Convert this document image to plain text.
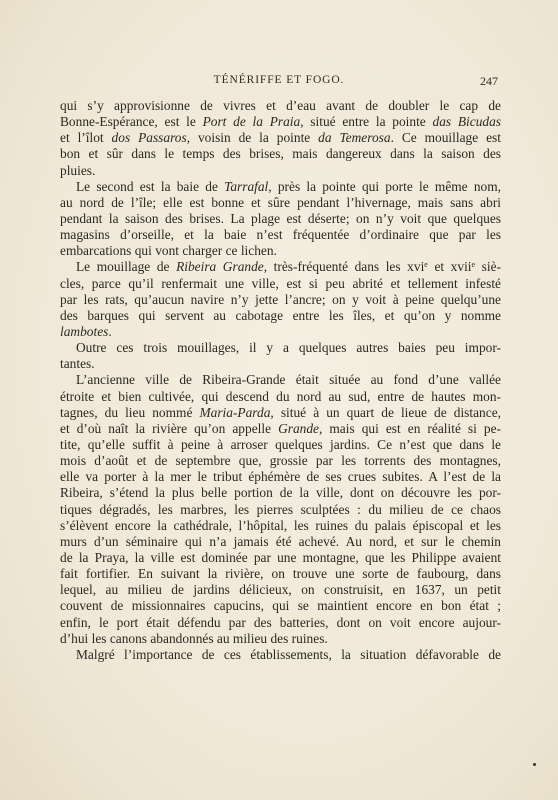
TÉNÉRIFFE ET FOGO.	247
qui s’y approvisionne de vivres et d’eau avant de doubler le cap de
Bonne-Espérance, est le Port de la Praia, situé entre la pointe das Bicudas
et l’îlot dos Passaros, voisin de la pointe da Temerosa. Ce mouillage est
bon et sûr dans le temps des brises, mais dangereux dans la saison des
pluies.
Le second est la baie de Tarrafal, près la pointe qui porte le même nom,
au nord de l’île; elle est bonne et sûre pendant l’hivernage, mais sans abri
pendant la saison des brises. La plage est déserte; on n’y voit que quelques
magasins d’orseille, et la baie n’est fréquentée d’ordinaire que par les
embarcations qui vont charger ce lichen.
Le mouillage de Ribeira Grande, très-fréquenté dans les xvi$^e$ et xvii$^e$ siè-
cles, parce qu’il renfermait une ville, est si peu abrité et tellement infesté
par les rats, qu’aucun navire n’y jette l’ancre; on y voit à peine quelqu’une
des barques qui servent au cabotage entre les îles, et qu’on y nomme
lambotes.
Outre ces trois mouillages, il y a quelques autres baies peu impor-
tantes.
L’ancienne ville de Ribeira-Grande était située au fond d’une vallée
étroite et bien cultivée, qui descend du nord au sud, entre de hautes mon-
tagnes, du lieu nommé Maria-Parda, situé à un quart de lieue de distance,
et d’où naît la rivière qu’on appelle Grande, mais qui est en réalité si pe-
tite, qu’elle suffit à peine à arroser quelques jardins. Ce n’est que dans le
mois d’août et de septembre que, grossie par les torrents des montagnes,
elle va porter à la mer le tribut éphémère de ses crues subites. A l’est de la
Ribeira, s’étend la plus belle portion de la ville, dont on découvre les por-
tiques dégradés, les marbres, les pierres sculptées : du milieu de ce chaos
s’élèvent encore la cathédrale, l’hôpital, les ruines du palais épiscopal et les
murs d’un séminaire qui n’a jamais été achevé. Au nord, et sur le chemin
de la Praya, la ville est dominée par une montagne, que les Philippe avaient
fait fortifier. En suivant la rivière, on trouve une sorte de faubourg, dans
lequel, au milieu de jardins délicieux, on construisit, en 1637, un petit
couvent de missionnaires capucins, qui se maintient encore en bon état ;
enfin, le port était défendu par des batteries, dont on voit encore aujour-
d’hui les canons abandonnés au milieu des ruines.
Malgré l’importance de ces établissements, la situation défavorable de
